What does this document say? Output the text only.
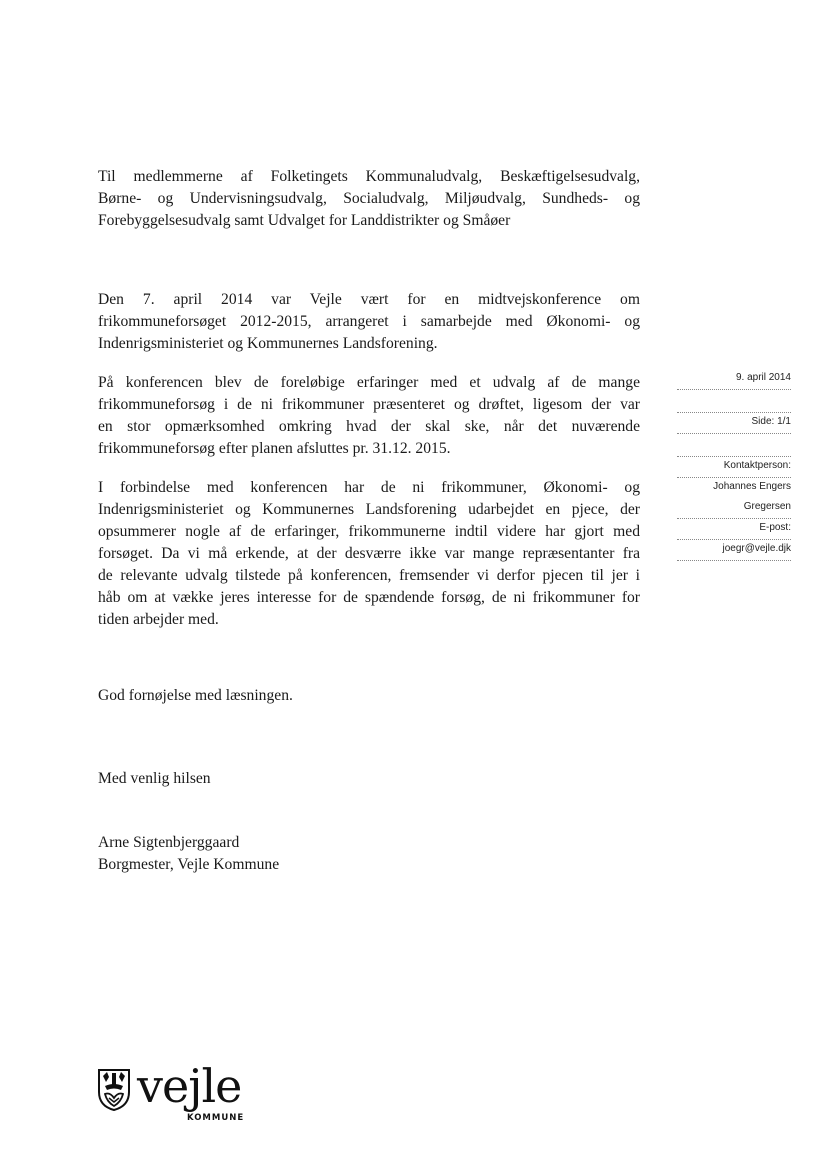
Til medlemmerne af Folketingets Kommunaludvalg, Beskæftigelsesudvalg,
Børne- og Undervisningsudvalg, Socialudvalg, Miljøudvalg, Sundheds- og
Forebyggelsesudvalg samt Udvalget for Landdistrikter og Småøer
Den 7. april 2014 var Vejle vært for en midtvejskonference om
frikommuneforsøget 2012-2015, arrangeret i samarbejde med Økonomi- og
Indenrigsministeriet og Kommunernes Landsforening.
På konferencen blev de foreløbige erfaringer med et udvalg af de mange
frikommuneforsøg i de ni frikommuner præsenteret og drøftet, ligesom der var
en stor opmærksomhed omkring hvad der skal ske, når det nuværende
frikommuneforsøg efter planen afsluttes pr. 31.12. 2015.
I forbindelse med konferencen har de ni frikommuner, Økonomi- og
Indenrigsministeriet og Kommunernes Landsforening udarbejdet en pjece, der
opsummerer nogle af de erfaringer, frikommunerne indtil videre har gjort med
forsøget. Da vi må erkende, at der desværre ikke var mange repræsentanter fra
de relevante udvalg tilstede på konferencen, fremsender vi derfor pjecen til jer i
håb om at vække jeres interesse for de spændende forsøg, de ni frikommuner for
tiden arbejder med.
God fornøjelse med læsningen.
Med venlig hilsen
Arne Sigtenbjerggaard
Borgmester, Vejle Kommune
9. april 2014
Side: 1/1
Kontaktperson:
Johannes Engers
Gregersen
E-post:
joegr@vejle.djk
vejle
KOMMUNE
